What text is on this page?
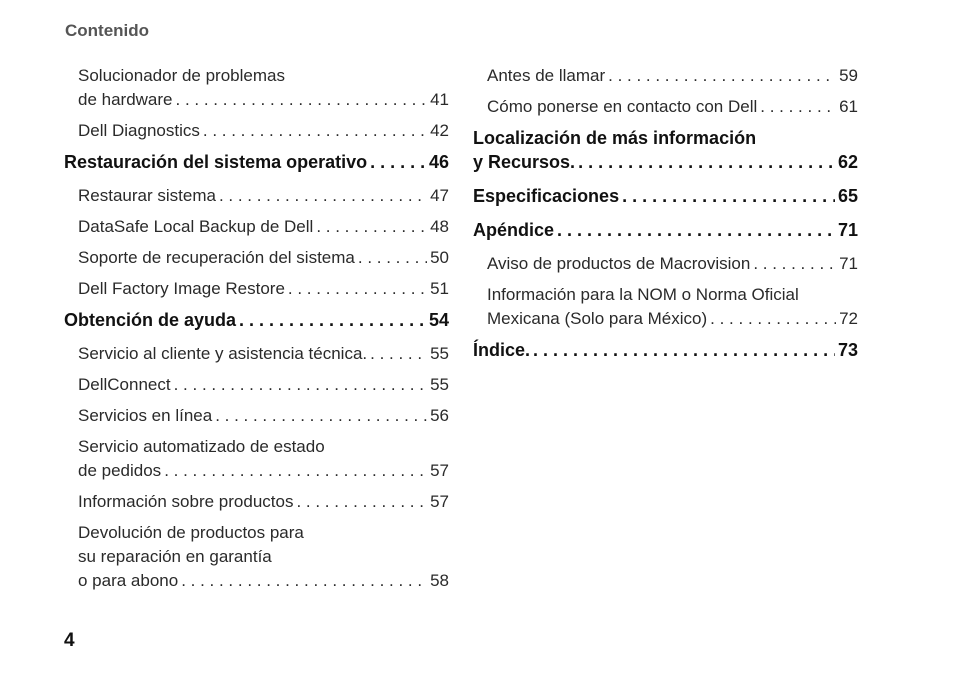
Contenido
Solucionador de problemas
de hardware . . .	41
Dell Diagnostics . . .	42
Restauración del sistema operativo . . .	46
Restaurar sistema . . .	47
DataSafe Local Backup de Dell . . .	48
Soporte de recuperación del sistema . . .	50
Dell Factory Image Restore . . .	51
Obtención de ayuda . . .	54
Servicio al cliente y asistencia técnica. . . .	55
DellConnect . . .	55
Servicios en línea . . .	56
Servicio automatizado de estado
de pedidos . . .	57
Información sobre productos . . .	57
Devolución de productos para
su reparación en garantía
o para abono . . .	58
Antes de llamar . . .	59
Cómo ponerse en contacto con Dell . . .	61
Localización de más información
y Recursos. . . .	62
Especificaciones . . .	65
Apéndice . . .	71
Aviso de productos de Macrovision . . .	71
Información para la NOM o Norma Oficial
Mexicana (Solo para México) . . .	72
Índice. . . .	73
4
